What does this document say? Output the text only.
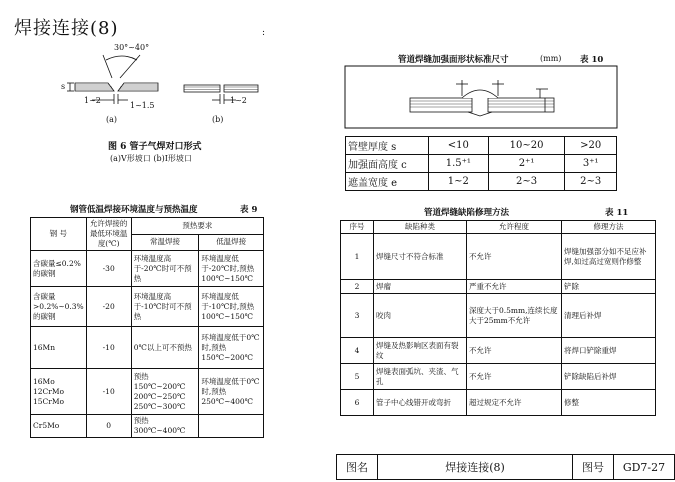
焊接连接(8)	:
30°~40°
1~2
1~1.5
1~2
s
(a)	(b)
图 6 管子气焊对口形式
(a)V形坡口 (b)I形坡口
钢管低温焊接环境温度与预热温度	表 9
钢 号	允许焊接的最低环境温度(℃)	预热要求	
		常温焊接	低温焊接
含碳量≤0.2%的碳钢	-30	环境温度高于-20℃时可不预热	环境温度低于-20℃时,预热100℃~150℃
含碳量>0.2%~0.3%的碳钢	-20	环境温度高于-10℃时可不预热	环境温度低于-10℃时,预热100℃~150℃
16Mn	-10	0℃以上可不预热	环境温度低于0℃时,预热150℃~200℃
16Mo 12CrMo 15CrMo	-10	预热 150℃~200℃ 200℃~250℃ 250℃~300℃	环境温度低于0℃时,预热250℃~400℃
Cr5Mo	0	预热 300℃~400℃	
管道焊缝加强面形状标准尺寸	(mm) 表 10
管壁厚度 s	<10	10~20	>20
加强面高度 c	1.5⁺¹	2⁺¹	3⁺¹
遮盖宽度 e	1~2	2~3	2~3
管道焊缝缺陷修理方法	表 11
序号	缺陷种类	允许程度	修理方法
1	焊缝尺寸不符合标准	不允许	焊缝加强部分如不足应补焊,如过高过宽则作修整
2	焊瘤	严重不允许	铲除
3	咬肉	深度大于0.5mm,连续长度大于25mm不允许	清理后补焊
4	焊缝及热影响区表面有裂纹	不允许	将焊口铲除重焊
5	焊缝表面弧坑、夹渣、气孔	不允许	铲除缺陷后补焊
6	管子中心线错开或弯折	超过规定不允许	修整
图名	焊接连接(8)	图号	GD7-27
